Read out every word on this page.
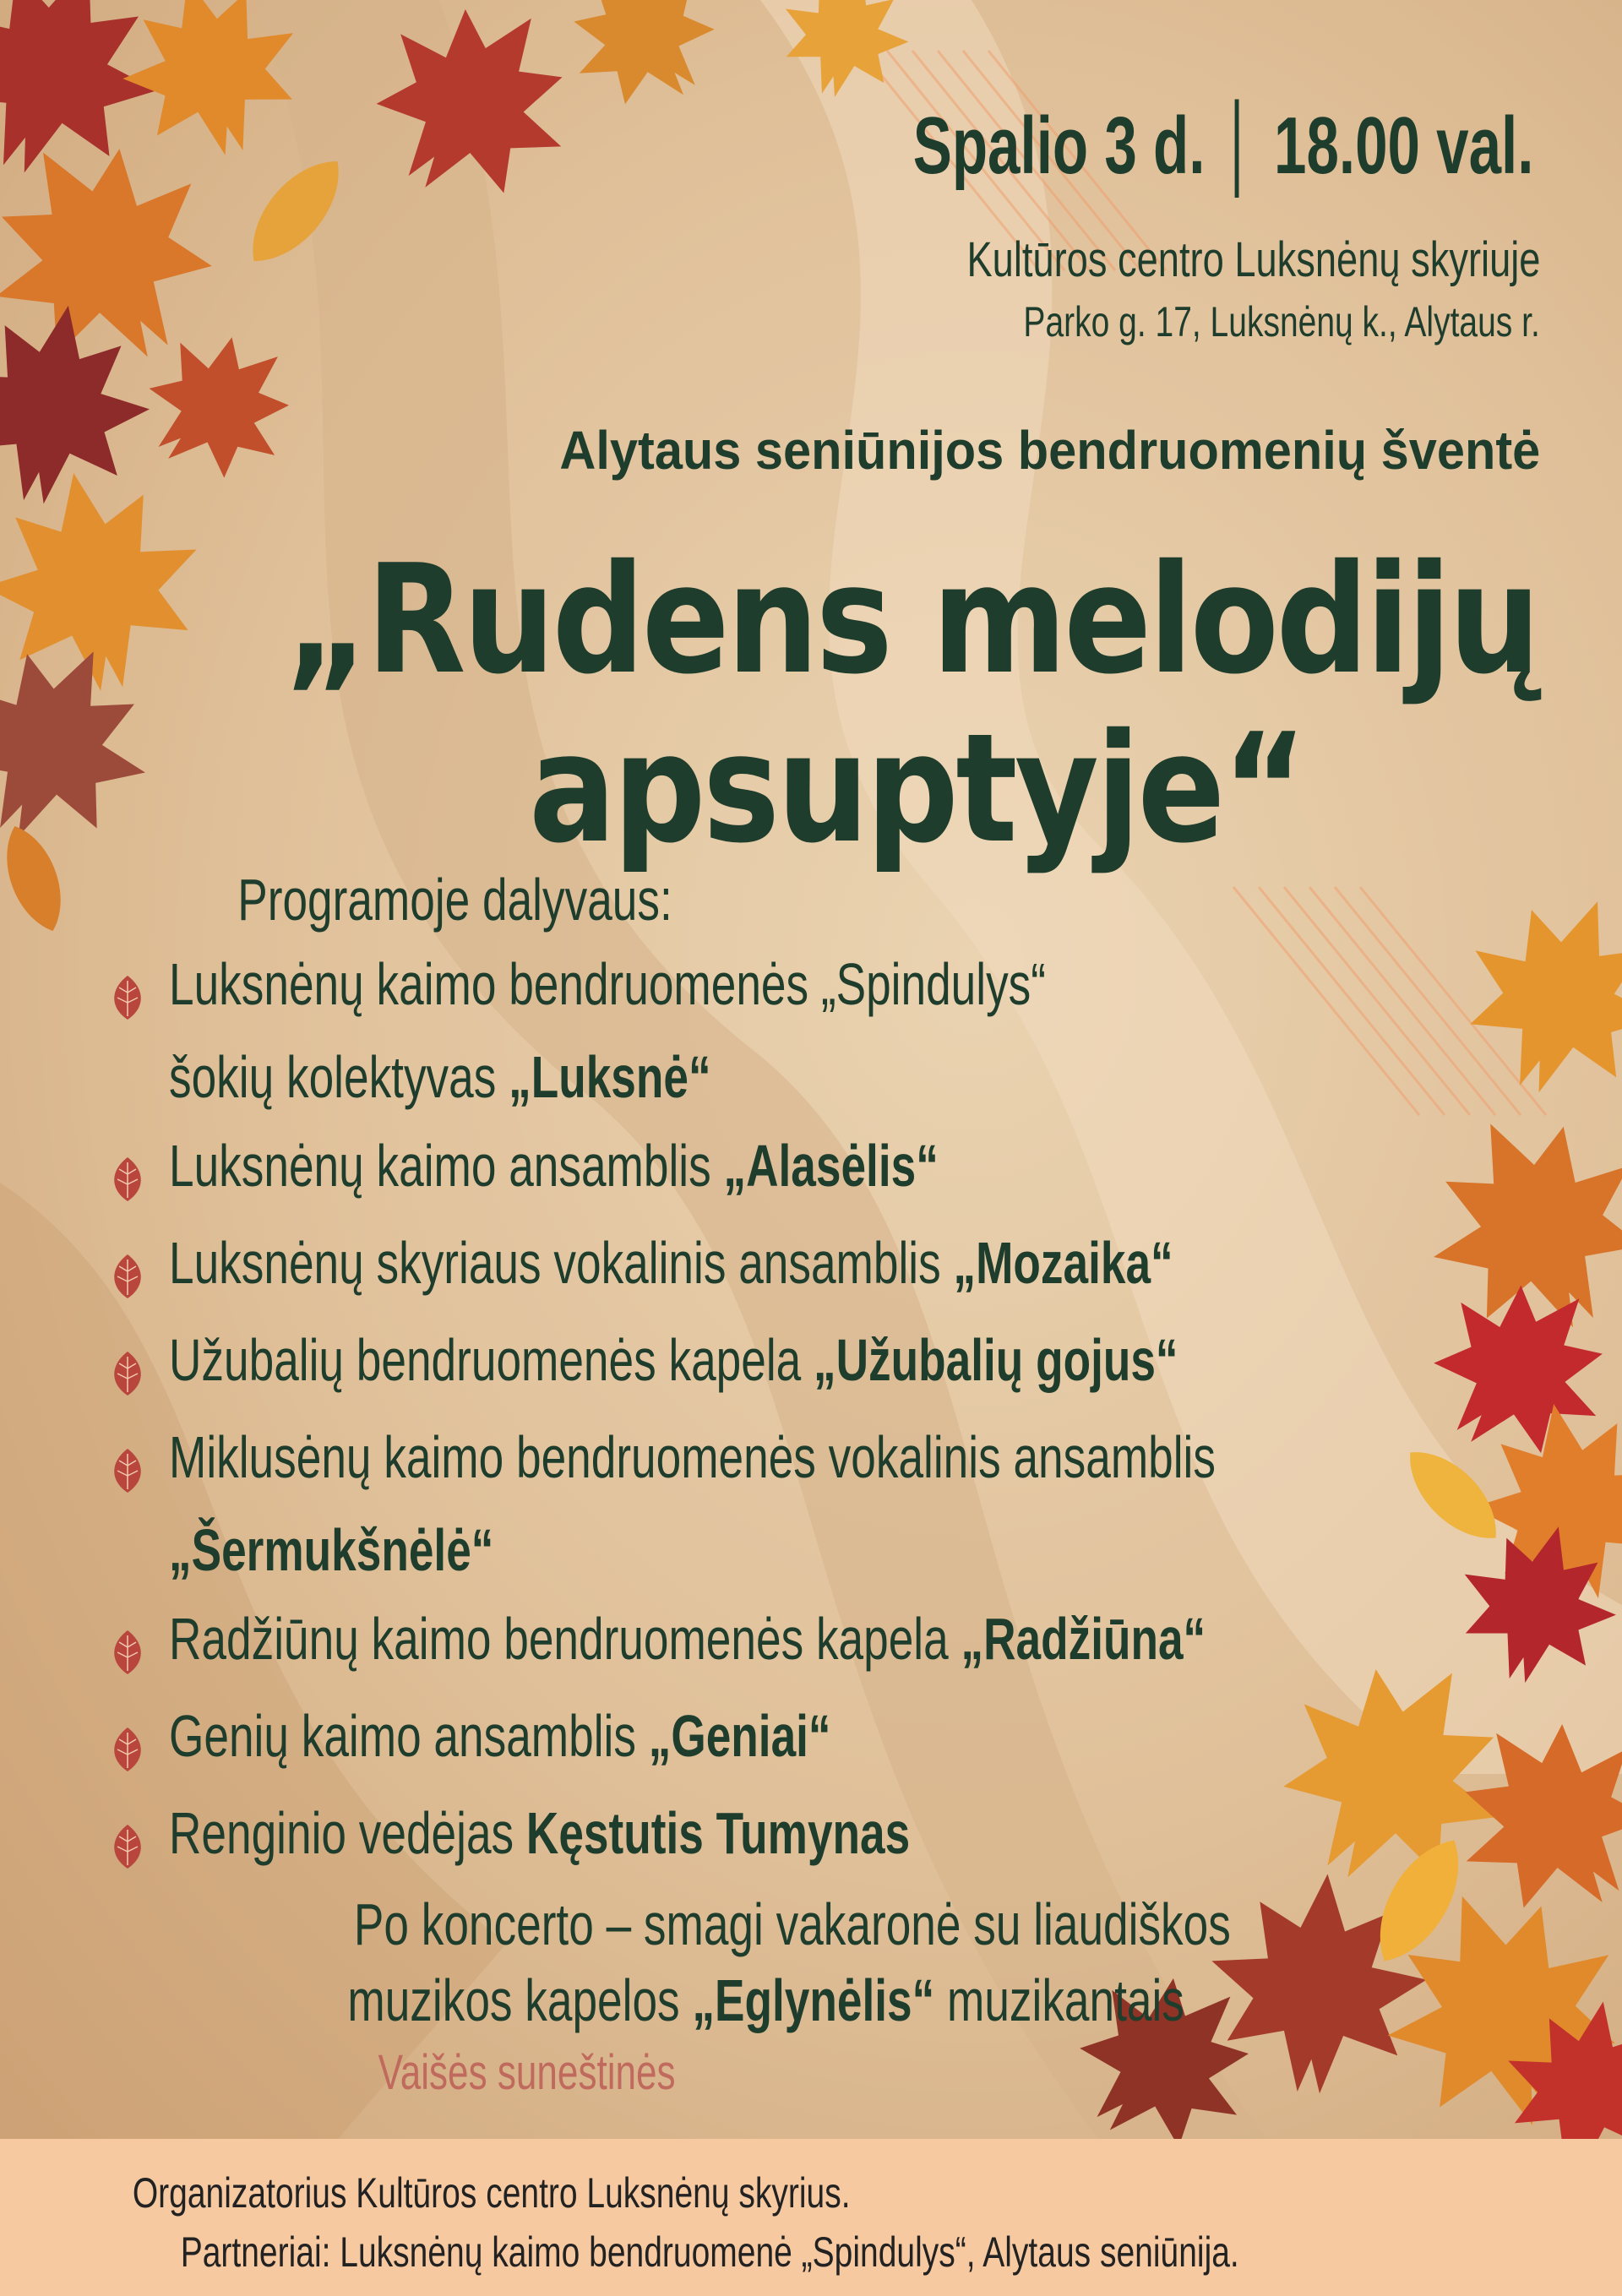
Spalio 3 d. │ 18.00 val.
Kultūros centro Luksnėnų skyriuje
Parko g. 17, Luksnėnų k., Alytaus r.
Alytaus seniūnijos bendruomenių šventė
„Rudens melodijų
apsuptyje“
Programoje dalyvaus:
Luksnėnų kaimo bendruomenės „Spindulys“
šokių kolektyvas „Luksnė“
Luksnėnų kaimo ansamblis „Alasėlis“
Luksnėnų skyriaus vokalinis ansamblis „Mozaika“
Užubalių bendruomenės kapela „Užubalių gojus“
Miklusėnų kaimo bendruomenės vokalinis ansamblis
„Šermukšnėlė“
Radžiūnų kaimo bendruomenės kapela „Radžiūna“
Genių kaimo ansamblis „Geniai“
Renginio vedėjas Kęstutis Tumynas
Po koncerto – smagi vakaronė su liaudiškos
muzikos kapelos „Eglynėlis“ muzikantais
Vaišės suneštinės
Organizatorius Kultūros centro Luksnėnų skyrius.
Partneriai: Luksnėnų kaimo bendruomenė „Spindulys“, Alytaus seniūnija.
